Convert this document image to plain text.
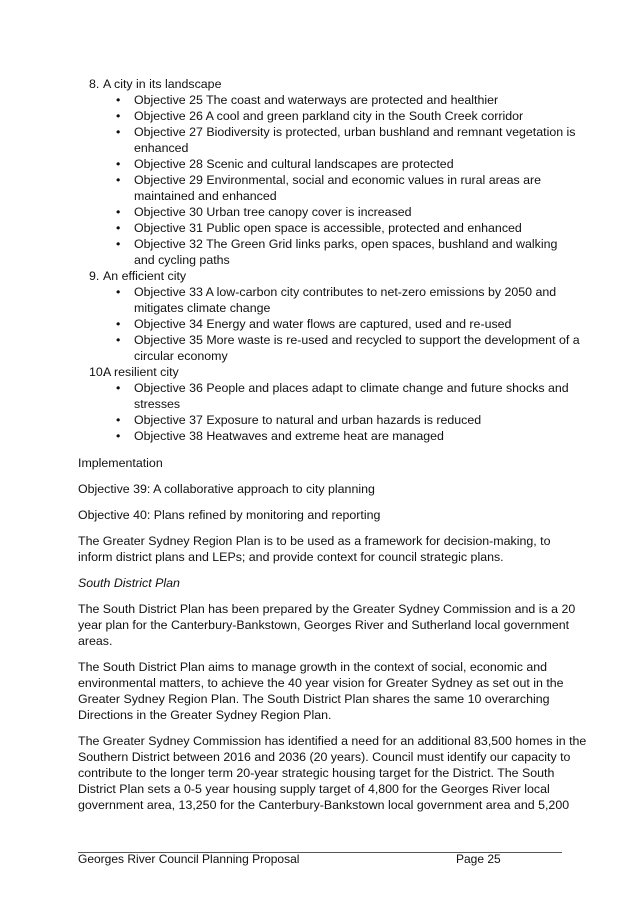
8. A city in its landscape
• Objective 25 The coast and waterways are protected and healthier
• Objective 26 A cool and green parkland city in the South Creek corridor
• Objective 27 Biodiversity is protected, urban bushland and remnant vegetation is
enhanced
• Objective 28 Scenic and cultural landscapes are protected
• Objective 29 Environmental, social and economic values in rural areas are
maintained and enhanced
• Objective 30 Urban tree canopy cover is increased
• Objective 31 Public open space is accessible, protected and enhanced
• Objective 32 The Green Grid links parks, open spaces, bushland and walking
and cycling paths
9. An efficient city
• Objective 33 A low-carbon city contributes to net-zero emissions by 2050 and
mitigates climate change
• Objective 34 Energy and water flows are captured, used and re-used
• Objective 35 More waste is re-used and recycled to support the development of a
circular economy
10.
A resilient city
• Objective 36 People and places adapt to climate change and future shocks and
stresses
• Objective 37 Exposure to natural and urban hazards is reduced
• Objective 38 Heatwaves and extreme heat are managed
Implementation
Objective 39: A collaborative approach to city planning
Objective 40: Plans refined by monitoring and reporting
The Greater Sydney Region Plan is to be used as a framework for decision-making, to
inform district plans and LEPs; and provide context for council strategic plans.
South District Plan
The South District Plan has been prepared by the Greater Sydney Commission and is a 20
year plan for the Canterbury-Bankstown, Georges River and Sutherland local government
areas.
The South District Plan aims to manage growth in the context of social, economic and
environmental matters, to achieve the 40 year vision for Greater Sydney as set out in the
Greater Sydney Region Plan. The South District Plan shares the same 10 overarching
Directions in the Greater Sydney Region Plan.
The Greater Sydney Commission has identified a need for an additional 83,500 homes in the
Southern District between 2016 and 2036 (20 years). Council must identify our capacity to
contribute to the longer term 20-year strategic housing target for the District. The South
District Plan sets a 0-5 year housing supply target of 4,800 for the Georges River local
government area, 13,250 for the Canterbury-Bankstown local government area and 5,200
Georges River Council Planning Proposal	Page 25
